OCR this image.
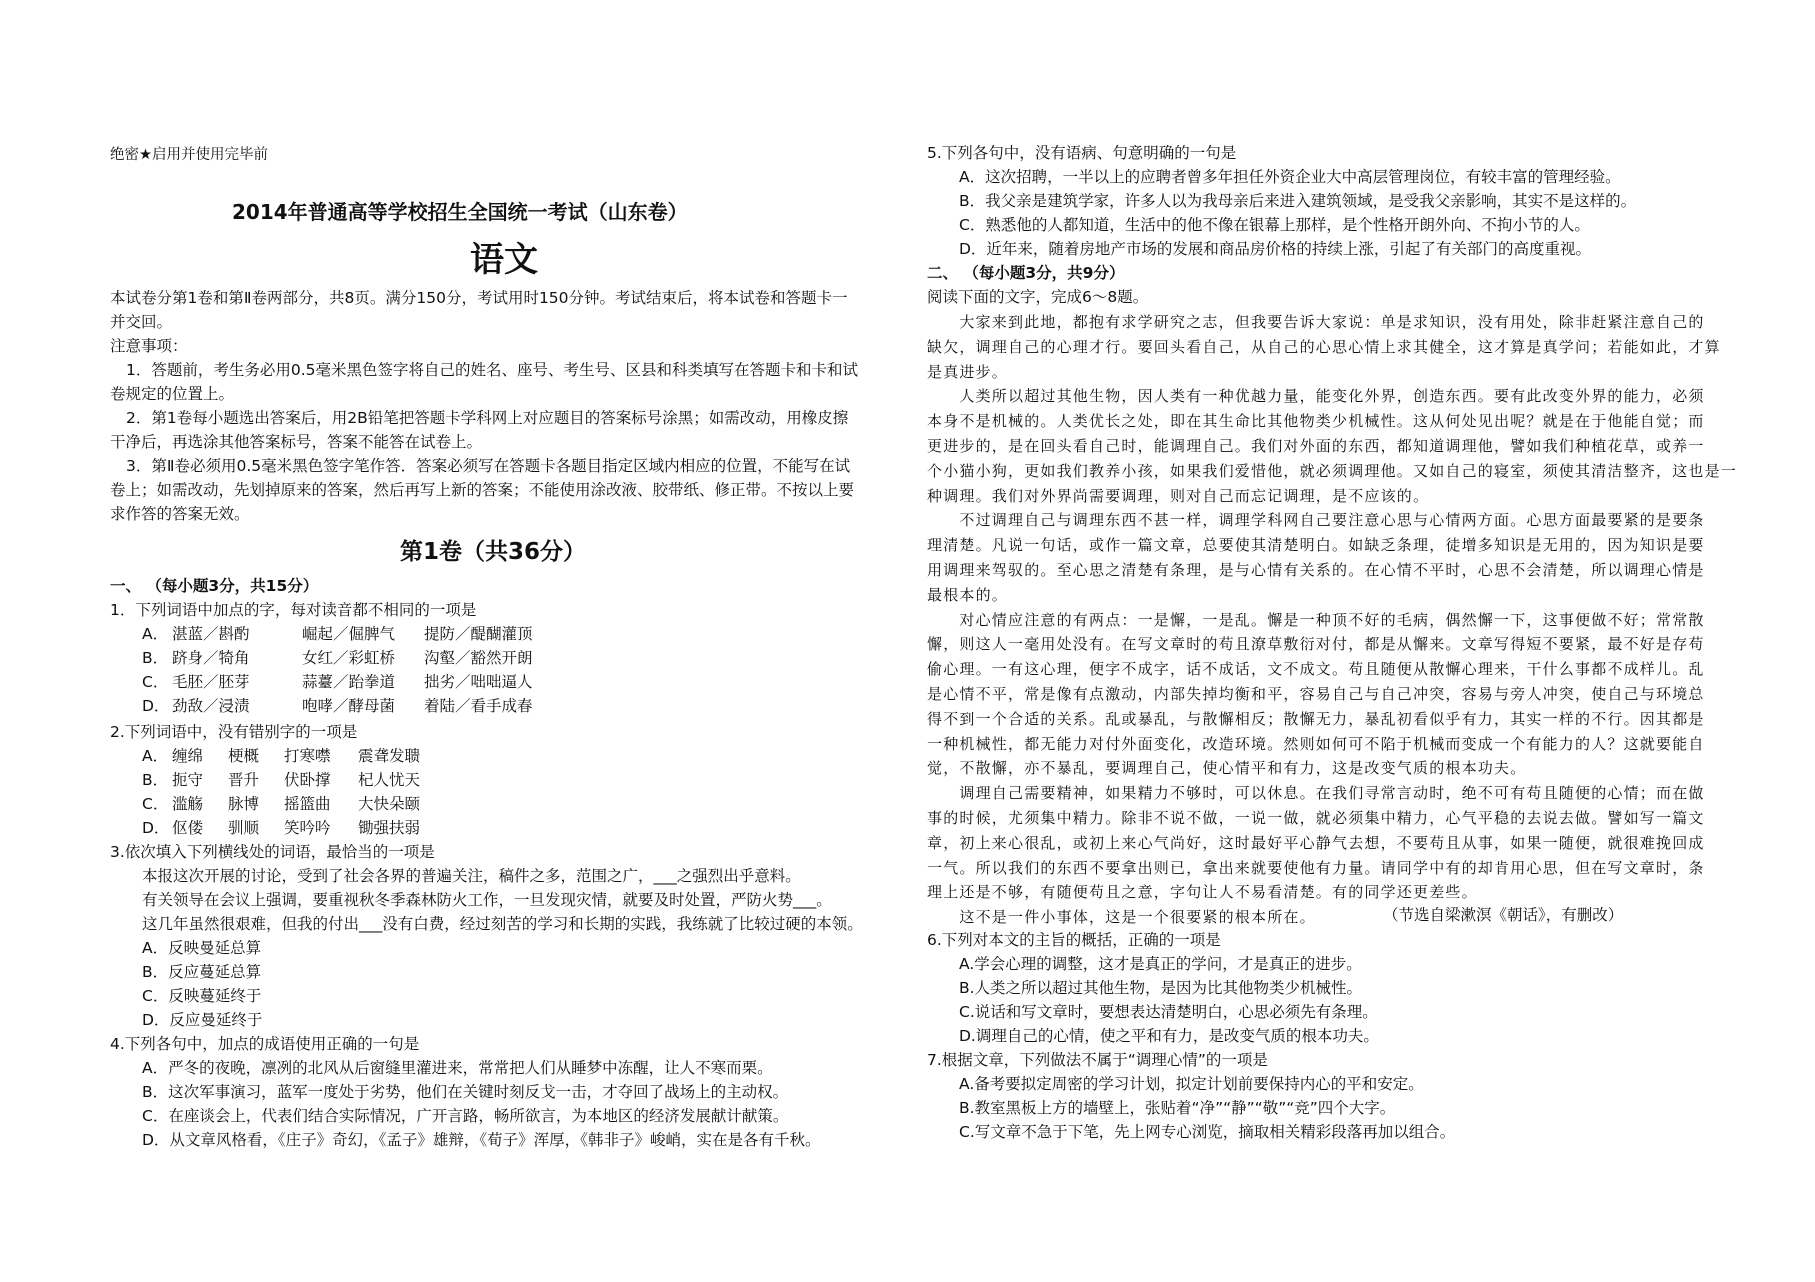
绝密★启用并使用完毕前
2014年普通高等学校招生全国统一考试（山东卷）
语文
本试卷分第1卷和第Ⅱ卷两部分，共8页。满分150分，考试用时150分钟。考试结束后，将本试卷和答题卡一
并交回。
注意事项：
1．答题前，考生务必用0.5毫米黑色签字将自己的姓名、座号、考生号、区县和科类填写在答题卡和卡和试
卷规定的位置上。
2．第1卷每小题选出答案后，用2B铅笔把答题卡学科网上对应题目的答案标号涂黑；如需改动，用橡皮擦
干净后，再选涂其他答案标号，答案不能答在试卷上。
3．第Ⅱ卷必须用0.5毫米黑色签字笔作答．答案必须写在答题卡各题目指定区域内相应的位置，不能写在试
卷上；如需改动，先划掉原来的答案，然后再写上新的答案；不能使用涂改液、胶带纸、修正带。不按以上要
求作答的答案无效。
第1卷（共36分）
一、 （每小题3分，共15分）
1．下列词语中加点的字，每对读音都不相同的一项是
A． 湛蓝／斟酌	崛起／倔脾气	提防／醍醐灌顶
B． 跻身／犄角	女红／彩虹桥	沟壑／豁然开朗
C． 毛胚／胚芽	蒜薹／跆拳道	拙劣／咄咄逼人
D． 劲敌／浸渍	咆哮／酵母菌	着陆／看手成春
2.下列词语中，没有错别字的一项是
A． 缠绵	梗概	打寒噤	震聋发聩
B． 扼守	晋升	伏卧撑	杞人忧天
C． 滥觞	脉博	摇篮曲	大快朵颐
D． 伛偻	驯顺	笑吟吟	锄强扶弱
3.依次填入下列横线处的词语，最恰当的一项是
本报这次开展的讨论，受到了社会各界的普遍关注，稿件之多，范围之广，___之强烈出乎意料。
有关领导在会议上强调，要重视秋冬季森林防火工作，一旦发现灾情，就要及时处置，严防火势___。
这几年虽然很艰难，但我的付出___没有白费，经过刻苦的学习和长期的实践，我练就了比较过硬的本领。
A．反映曼延总算
B．反应蔓延总算
C．反映蔓延终于
D．反应曼延终于
4.下列各句中，加点的成语使用正确的一句是
A．严冬的夜晚，凛冽的北风从后窗缝里灌进来，常常把人们从睡梦中冻醒，让人不寒而栗。
B．这次军事演习，蓝军一度处于劣势，他们在关键时刻反戈一击，才夺回了战场上的主动权。
C．在座谈会上，代表们结合实际情况，广开言路，畅所欲言，为本地区的经济发展献计献策。
D．从文章风格看，《庄子》奇幻，《孟子》雄辩，《荀子》浑厚，《韩非子》峻峭，实在是各有千秋。
5.下列各句中，没有语病、句意明确的一句是
A．这次招聘，一半以上的应聘者曾多年担任外资企业大中高层管理岗位，有较丰富的管理经验。
B．我父亲是建筑学家，许多人以为我母亲后来进入建筑领域，是受我父亲影响，其实不是这样的。
C．熟悉他的人都知道，生活中的他不像在银幕上那样，是个性格开朗外向、不拘小节的人。
D．近年来，随着房地产市场的发展和商品房价格的持续上涨，引起了有关部门的高度重视。
二、 （每小题3分，共9分）
阅读下面的文字，完成6～8题。
　　大家来到此地，都抱有求学研究之志，但我要告诉大家说：单是求知识，没有用处，除非赶紧注意自己的
缺欠，调理自己的心理才行。要回头看自己，从自己的心思心情上求其健全，这才算是真学问；若能如此，才算
是真进步。
　　人类所以超过其他生物，因人类有一种优越力量，能变化外界，创造东西。要有此改变外界的能力，必须
本身不是机械的。人类优长之处，即在其生命比其他物类少机械性。这从何处见出呢？就是在于他能自觉；而
更进步的，是在回头看自己时，能调理自己。我们对外面的东西，都知道调理他，譬如我们种植花草，或养一
个小猫小狗，更如我们教养小孩，如果我们爱惜他，就必须调理他。又如自己的寝室，须使其清洁整齐，这也是一
种调理。我们对外界尚需要调理，则对自己而忘记调理，是不应该的。
　　不过调理自己与调理东西不甚一样，调理学科网自己要注意心思与心情两方面。心思方面最要紧的是要条
理清楚。凡说一句话，或作一篇文章，总要使其清楚明白。如缺乏条理，徒增多知识是无用的，因为知识是要
用调理来驾驭的。至心思之清楚有条理，是与心情有关系的。在心情不平时，心思不会清楚，所以调理心情是
最根本的。
　　对心情应注意的有两点：一是懈，一是乱。懈是一种顶不好的毛病，偶然懈一下，这事便做不好；常常散
懈，则这人一毫用处没有。在写文章时的苟且潦草敷衍对付，都是从懈来。文章写得短不要紧，最不好是存苟
偷心理。一有这心理，便字不成字，话不成话，文不成文。苟且随便从散懈心理来，干什么事都不成样儿。乱
是心情不平，常是像有点激动，内部失掉均衡和平，容易自己与自己冲突，容易与旁人冲突，使自己与环境总
得不到一个合适的关系。乱或暴乱，与散懈相反；散懈无力，暴乱初看似乎有力，其实一样的不行。因其都是
一种机械性，都无能力对付外面变化，改造环境。然则如何可不陷于机械而变成一个有能力的人？这就要能自
觉，不散懈，亦不暴乱，要调理自己，使心情平和有力，这是改变气质的根本功夫。
　　调理自己需要精神，如果精力不够时，可以休息。在我们寻常言动时，绝不可有苟且随便的心情；而在做
事的时候，尤须集中精力。除非不说不做，一说一做，就必须集中精力，心气平稳的去说去做。譬如写一篇文
章，初上来心很乱，或初上来心气尚好，这时最好平心静气去想，不要苟且从事，如果一随便，就很难挽回成
一气。所以我们的东西不要拿出则已，拿出来就要使他有力量。请同学中有的却肯用心思，但在写文章时，条
理上还是不够，有随便苟且之意，字句让人不易看清楚。有的同学还更差些。
　　这不是一件小事体，这是一个很要紧的根本所在。	（节选自梁漱溟《朝话》，有删改）
6.下列对本文的主旨的概括，正确的一项是
A.学会心理的调整，这才是真正的学问，才是真正的进步。
B.人类之所以超过其他生物，是因为比其他物类少机械性。
C.说话和写文章时，要想表达清楚明白，心思必须先有条理。
D.调理自己的心情，使之平和有力，是改变气质的根本功夫。
7.根据文章，下列做法不属于“调理心情”的一项是
A.备考要拟定周密的学习计划，拟定计划前要保持内心的平和安定。
B.教室黑板上方的墙壁上，张贴着“净”“静”“敬”“竞”四个大字。
C.写文章不急于下笔，先上网专心浏览，摘取相关精彩段落再加以组合。
